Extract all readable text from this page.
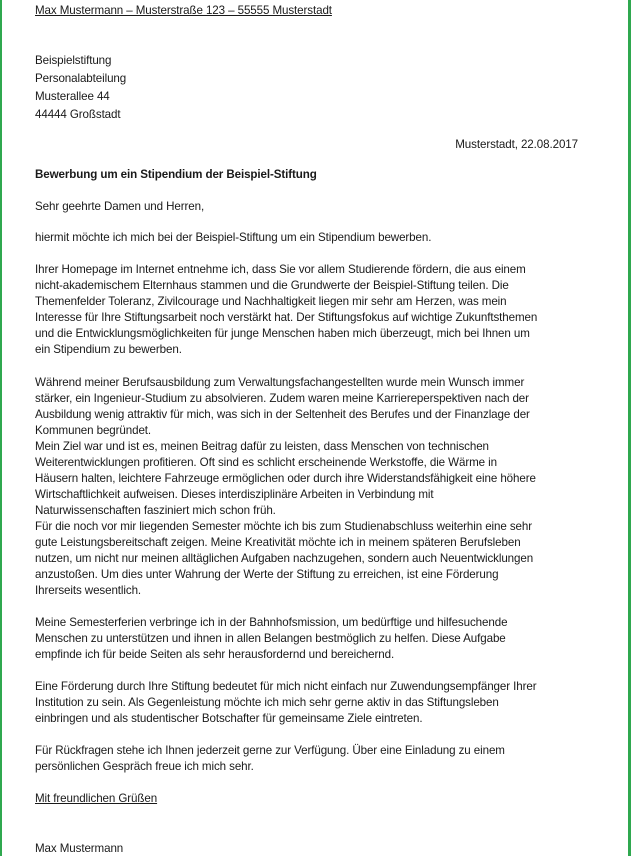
Max Mustermann – Musterstraße 123 – 55555 Musterstadt

Beispielstiftung

Personalabteilung

Musterallee 44

44444 Großstadt

Musterstadt, 22.08.2017

Bewerbung um ein Stipendium der Beispiel-Stiftung

Sehr geehrte Damen und Herren,

hiermit möchte ich mich bei der Beispiel-Stiftung um ein Stipendium bewerben.

Ihrer Homepage im Internet entnehme ich, dass Sie vor allem Studierende fördern, die aus einem

nicht-akademischem Elternhaus stammen und die Grundwerte der Beispiel-Stiftung teilen. Die

Themenfelder Toleranz, Zivilcourage und Nachhaltigkeit liegen mir sehr am Herzen, was mein

Interesse für Ihre Stiftungsarbeit noch verstärkt hat. Der Stiftungsfokus auf wichtige Zukunftsthemen

und die Entwicklungsmöglichkeiten für junge Menschen haben mich überzeugt, mich bei Ihnen um

ein Stipendium zu bewerben.

Während meiner Berufsausbildung zum Verwaltungsfachangestellten wurde mein Wunsch immer

stärker, ein Ingenieur-Studium zu absolvieren. Zudem waren meine Karriereperspektiven nach der

Ausbildung wenig attraktiv für mich, was sich in der Seltenheit des Berufes und der Finanzlage der

Kommunen begründet.

Mein Ziel war und ist es, meinen Beitrag dafür zu leisten, dass Menschen von technischen

Weiterentwicklungen profitieren. Oft sind es schlicht erscheinende Werkstoffe, die Wärme in

Häusern halten, leichtere Fahrzeuge ermöglichen oder durch ihre Widerstandsfähigkeit eine höhere

Wirtschaftlichkeit aufweisen. Dieses interdisziplinäre Arbeiten in Verbindung mit

Naturwissenschaften fasziniert mich schon früh.

Für die noch vor mir liegenden Semester möchte ich bis zum Studienabschluss weiterhin eine sehr

gute Leistungsbereitschaft zeigen. Meine Kreativität möchte ich in meinem späteren Berufsleben

nutzen, um nicht nur meinen alltäglichen Aufgaben nachzugehen, sondern auch Neuentwicklungen

anzustoßen. Um dies unter Wahrung der Werte der Stiftung zu erreichen, ist eine Förderung

Ihrerseits wesentlich.

Meine Semesterferien verbringe ich in der Bahnhofsmission, um bedürftige und hilfesuchende

Menschen zu unterstützen und ihnen in allen Belangen bestmöglich zu helfen. Diese Aufgabe

empfinde ich für beide Seiten als sehr herausfordernd und bereichernd.

Eine Förderung durch Ihre Stiftung bedeutet für mich nicht einfach nur Zuwendungsempfänger Ihrer

Institution zu sein. Als Gegenleistung möchte ich mich sehr gerne aktiv in das Stiftungsleben

einbringen und als studentischer Botschafter für gemeinsame Ziele eintreten.

Für Rückfragen stehe ich Ihnen jederzeit gerne zur Verfügung. Über eine Einladung zu einem

persönlichen Gespräch freue ich mich sehr.

Mit freundlichen Grüßen

Max Mustermann
